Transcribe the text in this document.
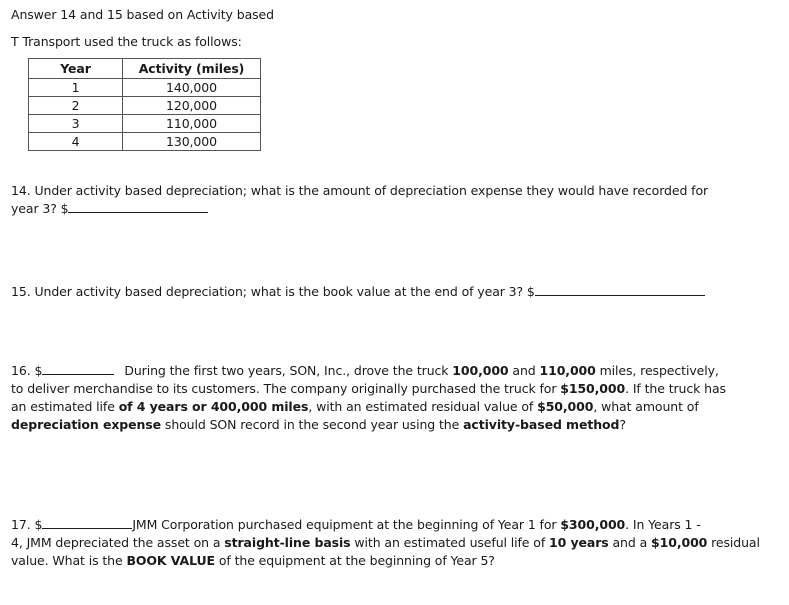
Answer 14 and 15 based on Activity based
T Transport used the truck as follows:
Year	Activity (miles)
1	140,000
2	120,000
3	110,000
4	130,000
14. Under activity based depreciation; what is the amount of depreciation expense they would have recorded for
year 3? $
15. Under activity based depreciation; what is the book value at the end of year 3? $
16. $	During the first two years, SON, Inc., drove the truck 100,000 and 110,000 miles, respectively,
to deliver merchandise to its customers. The company originally purchased the truck for $150,000. If the truck has
an estimated life of 4 years or 400,000 miles, with an estimated residual value of $50,000, what amount of
depreciation expense should SON record in the second year using the activity-based method?
17. $	JMM Corporation purchased equipment at the beginning of Year 1 for $300,000. In Years 1 -
4, JMM depreciated the asset on a straight-line basis with an estimated useful life of 10 years and a $10,000 residual
value. What is the BOOK VALUE of the equipment at the beginning of Year 5?
